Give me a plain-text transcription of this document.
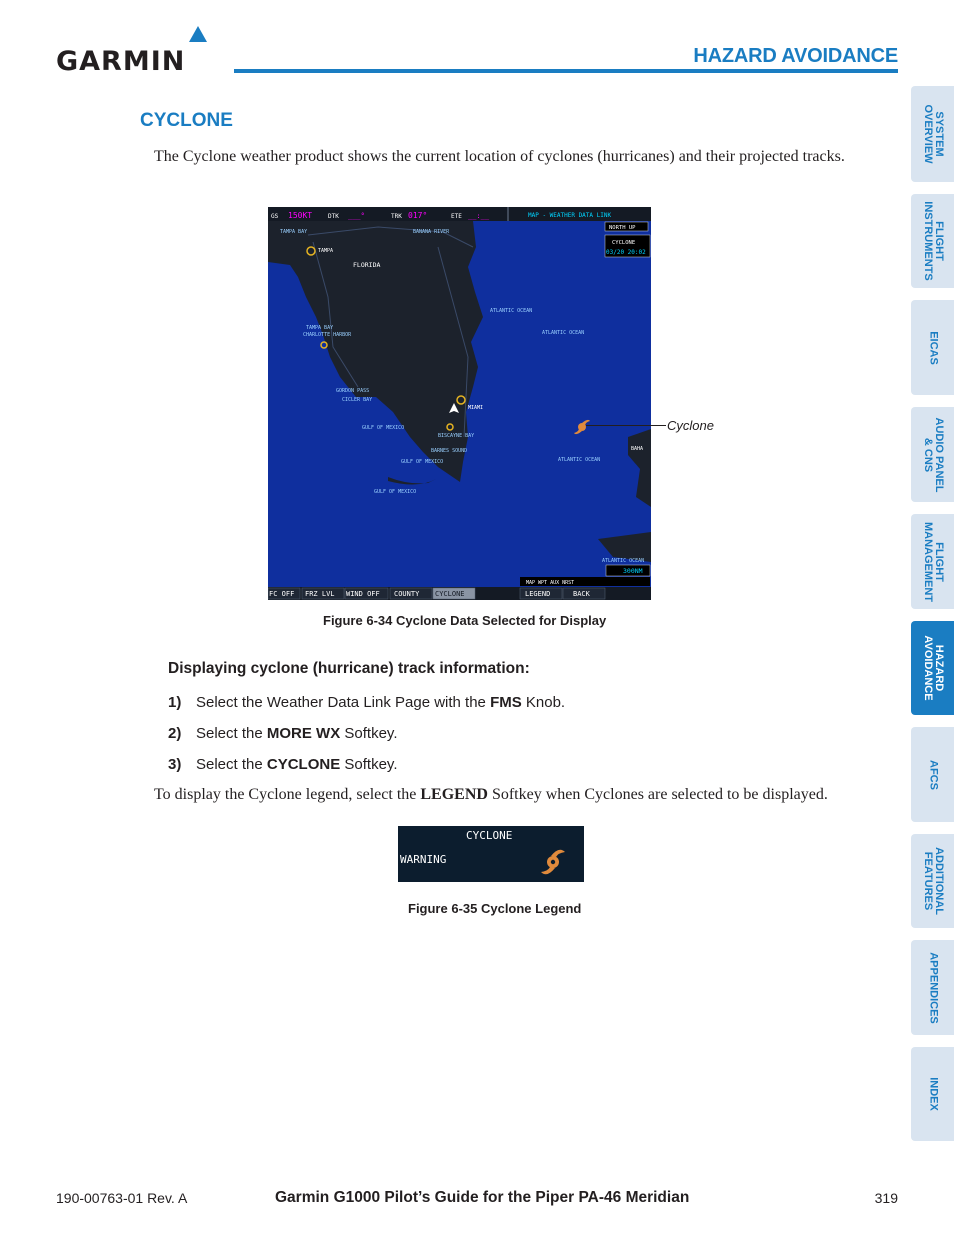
GARMIN	HAZARD AVOIDANCE
SYSTEM
OVERVIEW
FLIGHT
INSTRUMENTS
EICAS
AUDIO PANEL
& CNS
FLIGHT
MANAGEMENT
HAZARD
AVOIDANCE
AFCS
ADDITIONAL
FEATURES
APPENDICES
INDEX
CYCLONE

The Cyclone weather product shows the current location of cyclones (hurricanes) and their projected tracks.

GS 150KT	DTK ___°	TRK 017°	ETE __:__	MAP - WEATHER DATA LINK
NORTH UP
CYCLONE
03/20 20:02
TAMPA BAY
TAMPA
BANANA RIVER
FLORIDA
TAMPA BAY
CHARLOTTE HARBOR
ATLANTIC OCEAN
ATLANTIC OCEAN
GORDON PASS
CICLER BAY
MIAMI
GULF OF MEXICO
BISCAYNE BAY
BARNES SOUND
GULF OF MEXICO
GULF OF MEXICO
ATLANTIC OCEAN
BAHA
ATLANTIC OCEAN
MAP WPT AUX NRST
300NM
FC OFF FRZ LVL WIND OFF COUNTY CYCLONE	LEGEND	BACK
Cyclone
Figure 6-34 Cyclone Data Selected for Display
Displaying cyclone (hurricane) track information:
1) Select the Weather Data Link Page with the FMS Knob.
2) Select the MORE WX Softkey.
3) Select the CYCLONE Softkey.
To display the Cyclone legend, select the LEGEND Softkey when Cyclones are selected to be displayed.
CYCLONE
WARNING
Figure 6-35 Cyclone Legend
190-00763-01 Rev. A	Garmin G1000 Pilot’s Guide for the Piper PA-46 Meridian	319
